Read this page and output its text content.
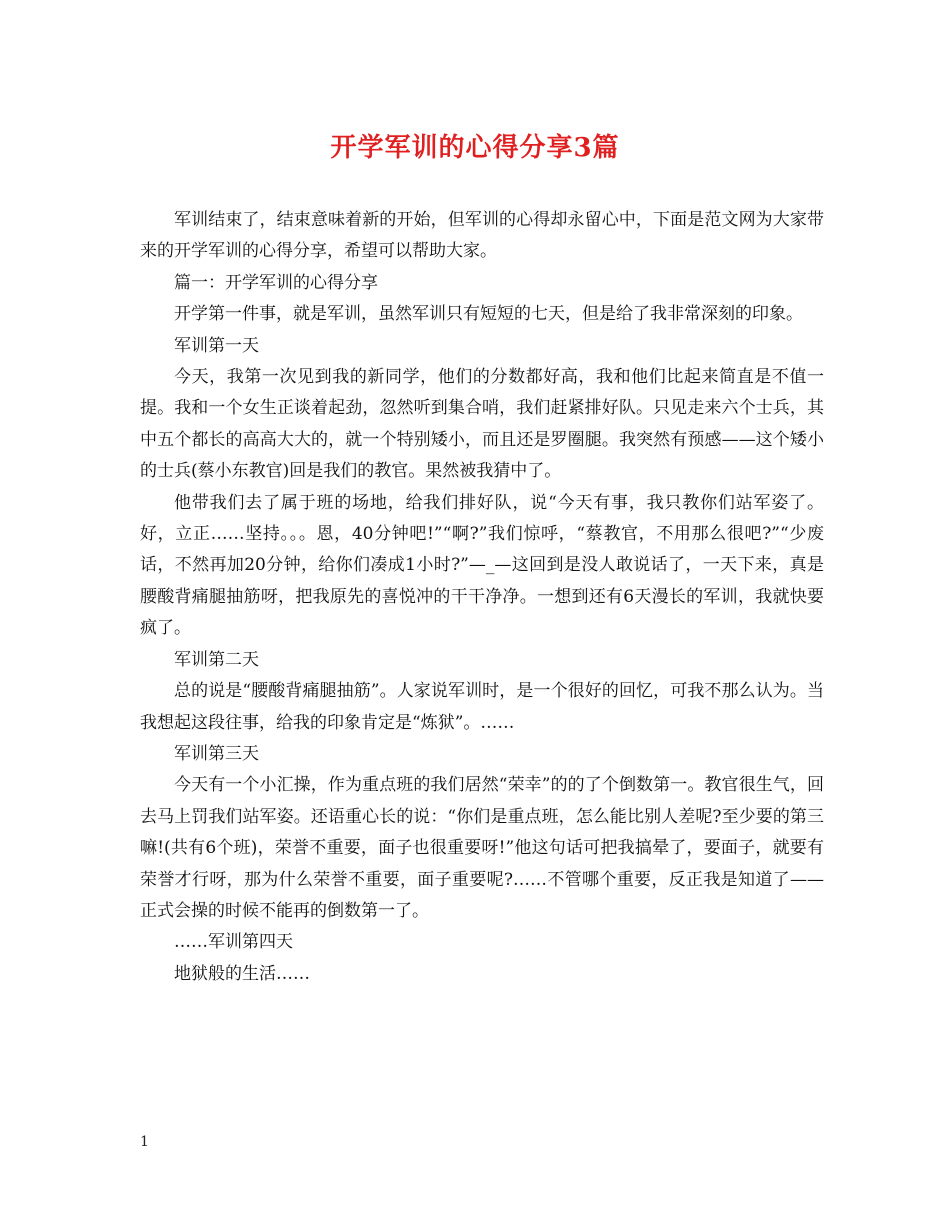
开学军训的心得分享3篇

军训结束了，结束意味着新的开始，但军训的心得却永留心中，下面是范文网为大家带来的开学军训的心得分享，希望可以帮助大家。

篇一：开学军训的心得分享

开学第一件事，就是军训，虽然军训只有短短的七天，但是给了我非常深刻的印象。

军训第一天

今天，我第一次见到我的新同学，他们的分数都好高，我和他们比起来简直是不值一提。我和一个女生正谈着起劲，忽然听到集合哨，我们赶紧排好队。只见走来六个士兵，其中五个都长的高高大大的，就一个特别矮小，而且还是罗圈腿。我突然有预感——这个矮小的士兵(蔡小东教官)回是我们的教官。果然被我猜中了。

他带我们去了属于班的场地，给我们排好队，说“今天有事，我只教你们站军姿了。好，立正……坚持。。。恩，40分钟吧!”“啊?”我们惊呼，“蔡教官，不用那么很吧?”“少废话，不然再加20分钟，给你们凑成1小时?”—_—这回到是没人敢说话了，一天下来，真是腰酸背痛腿抽筋呀，把我原先的喜悦冲的干干净净。一想到还有6天漫长的军训，我就快要疯了。

军训第二天

总的说是“腰酸背痛腿抽筋”。人家说军训时，是一个很好的回忆，可我不那么认为。当我想起这段往事，给我的印象肯定是“炼狱”。……

军训第三天

今天有一个小汇操，作为重点班的我们居然“荣幸”的的了个倒数第一。教官很生气，回去马上罚我们站军姿。还语重心长的说：“你们是重点班，怎么能比别人差呢?至少要的第三嘛!(共有6个班)，荣誉不重要，面子也很重要呀!”他这句话可把我搞晕了，要面子，就要有荣誉才行呀，那为什么荣誉不重要，面子重要呢?……不管哪个重要，反正我是知道了——正式会操的时候不能再的倒数第一了。

……军训第四天

地狱般的生活……

1
